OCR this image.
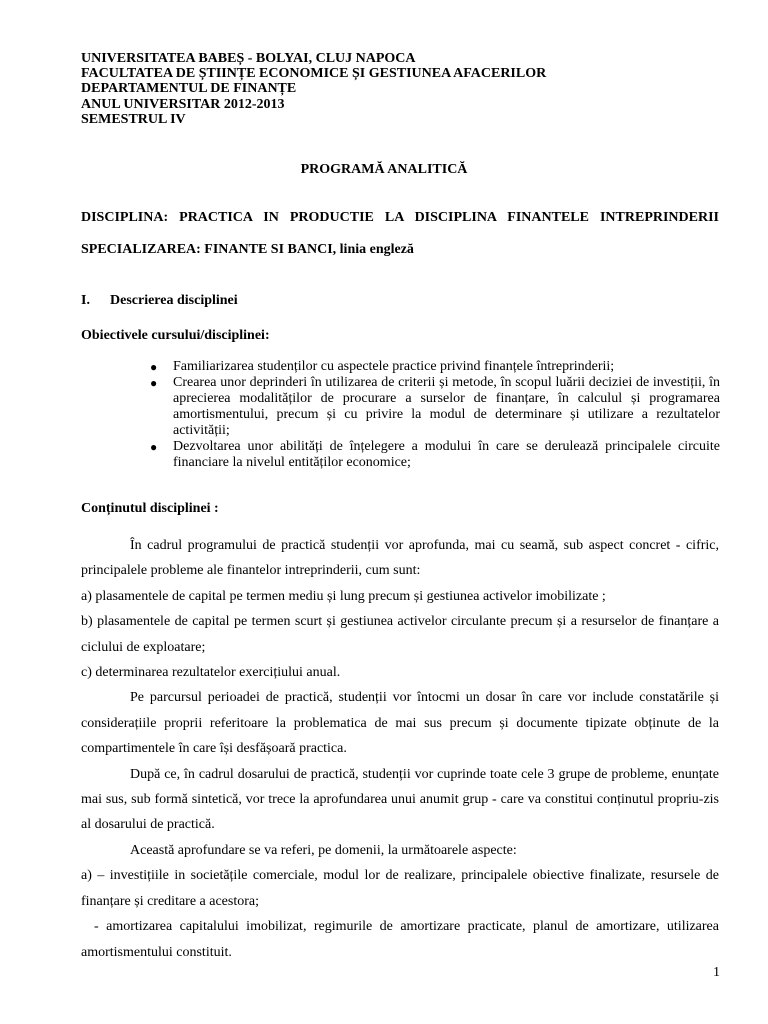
UNIVERSITATEA BABEȘ - BOLYAI, CLUJ NAPOCA
FACULTATEA DE ȘTIINȚE ECONOMICE ȘI GESTIUNEA AFACERILOR
DEPARTAMENTUL DE FINANȚE
ANUL UNIVERSITAR 2012-2013
SEMESTRUL IV
PROGRAMĂ ANALITICĂ
DISCIPLINA: PRACTICA IN PRODUCTIE LA DISCIPLINA FINANTELE INTREPRINDERII
SPECIALIZAREA: FINANTE SI BANCI, linia engleză
I. Descrierea disciplinei
Obiectivele cursului/disciplinei:
● Familiarizarea studenților cu aspectele practice privind finanțele întreprinderii;
● Crearea unor deprinderi în utilizarea de criterii și metode, în scopul luării deciziei de investiții, în aprecierea modalităților de procurare a surselor de finanțare, în calculul și programarea amortismentului, precum și cu privire la modul de determinare și utilizare a rezultatelor activității;
● Dezvoltarea unor abilități de înțelegere a modului în care se derulează principalele circuite financiare la nivelul entităților economice;
Conținutul disciplinei :

În cadrul programului de practică studenții vor aprofunda, mai cu seamă, sub aspect concret - cifric, principalele probleme ale finantelor intreprinderii, cum sunt:

a) plasamentele de capital pe termen mediu și lung precum și gestiunea activelor imobilizate ;

b) plasamentele de capital pe termen scurt și gestiunea activelor circulante precum și a resurselor de finanțare a ciclului de exploatare;

c) determinarea rezultatelor exercițiului anual.

Pe parcursul perioadei de practică, studenții vor întocmi un dosar în care vor include constatările și considerațiile proprii referitoare la problematica de mai sus precum și documente tipizate obținute de la compartimentele în care își desfășoară practica.

După ce, în cadrul dosarului de practică, studenții vor cuprinde toate cele 3 grupe de probleme, enunțate mai sus, sub formă sintetică, vor trece la aprofundarea unui anumit grup - care va constitui conținutul propriu-zis al dosarului de practică.

Această aprofundare se va referi, pe domenii, la următoarele aspecte:

a) – investițiile in societățile comerciale, modul lor de realizare, principalele obiective finalizate, resursele de finanțare și creditare a acestora;

- amortizarea capitalului imobilizat, regimurile de amortizare practicate, planul de amortizare, utilizarea amortismentului constituit.

1
